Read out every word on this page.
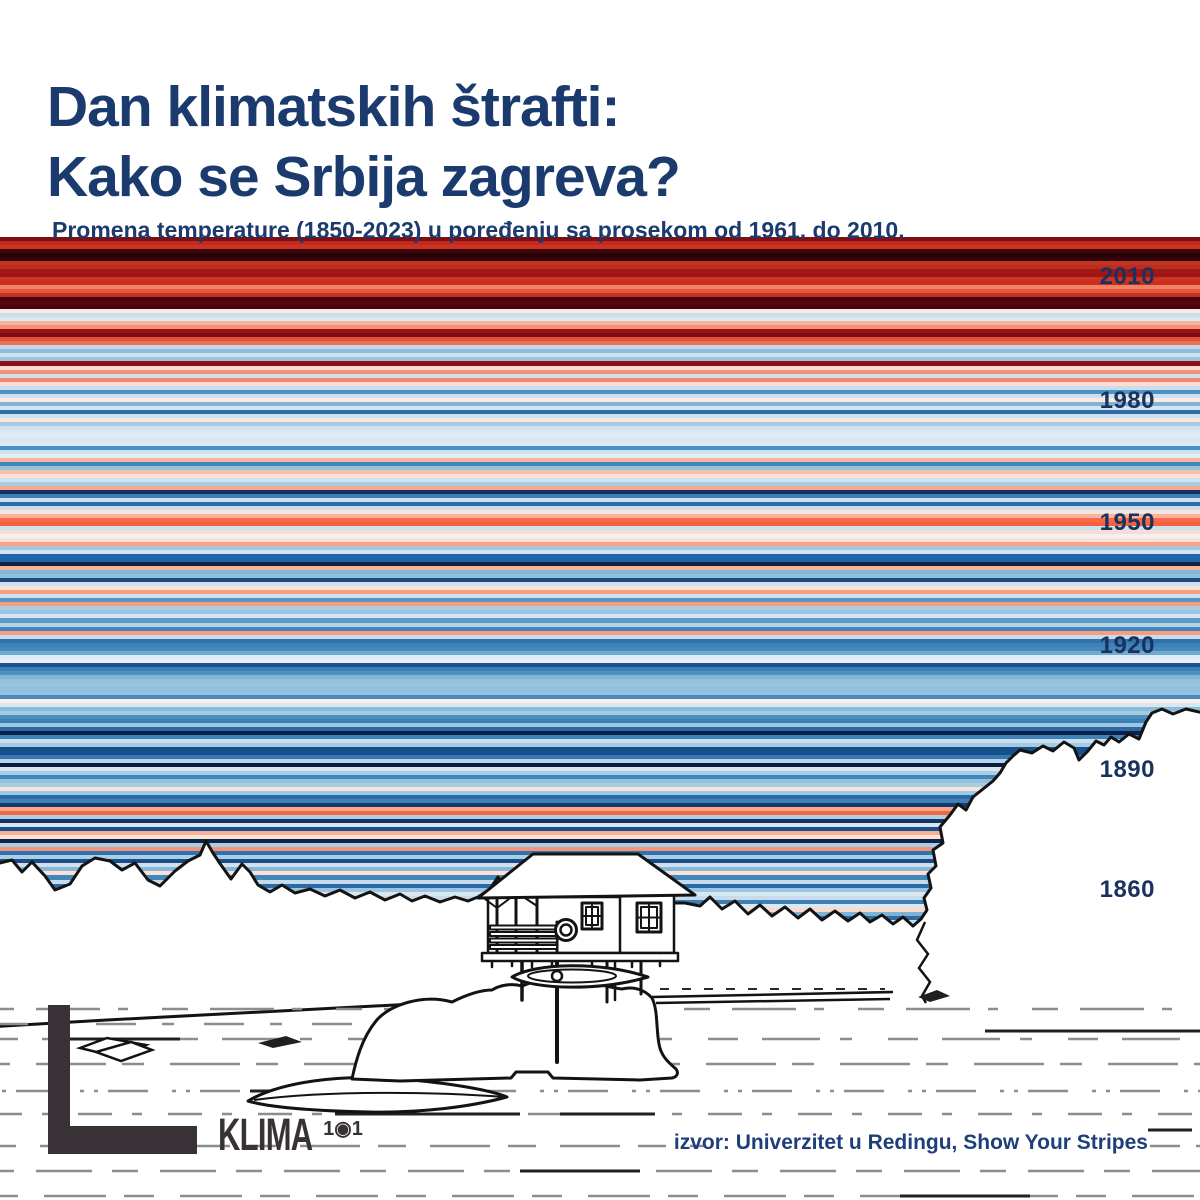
Dan klimatskih štrafti:
Kako se Srbija zagreva?

Promena temperature (1850-2023) u poređenju sa prosekom od 1961. do 2010.

2010
1980
1950
1920
1890
1860
KLIMA 1◉1
izvor: Univerzitet u Redingu, Show Your Stripes
